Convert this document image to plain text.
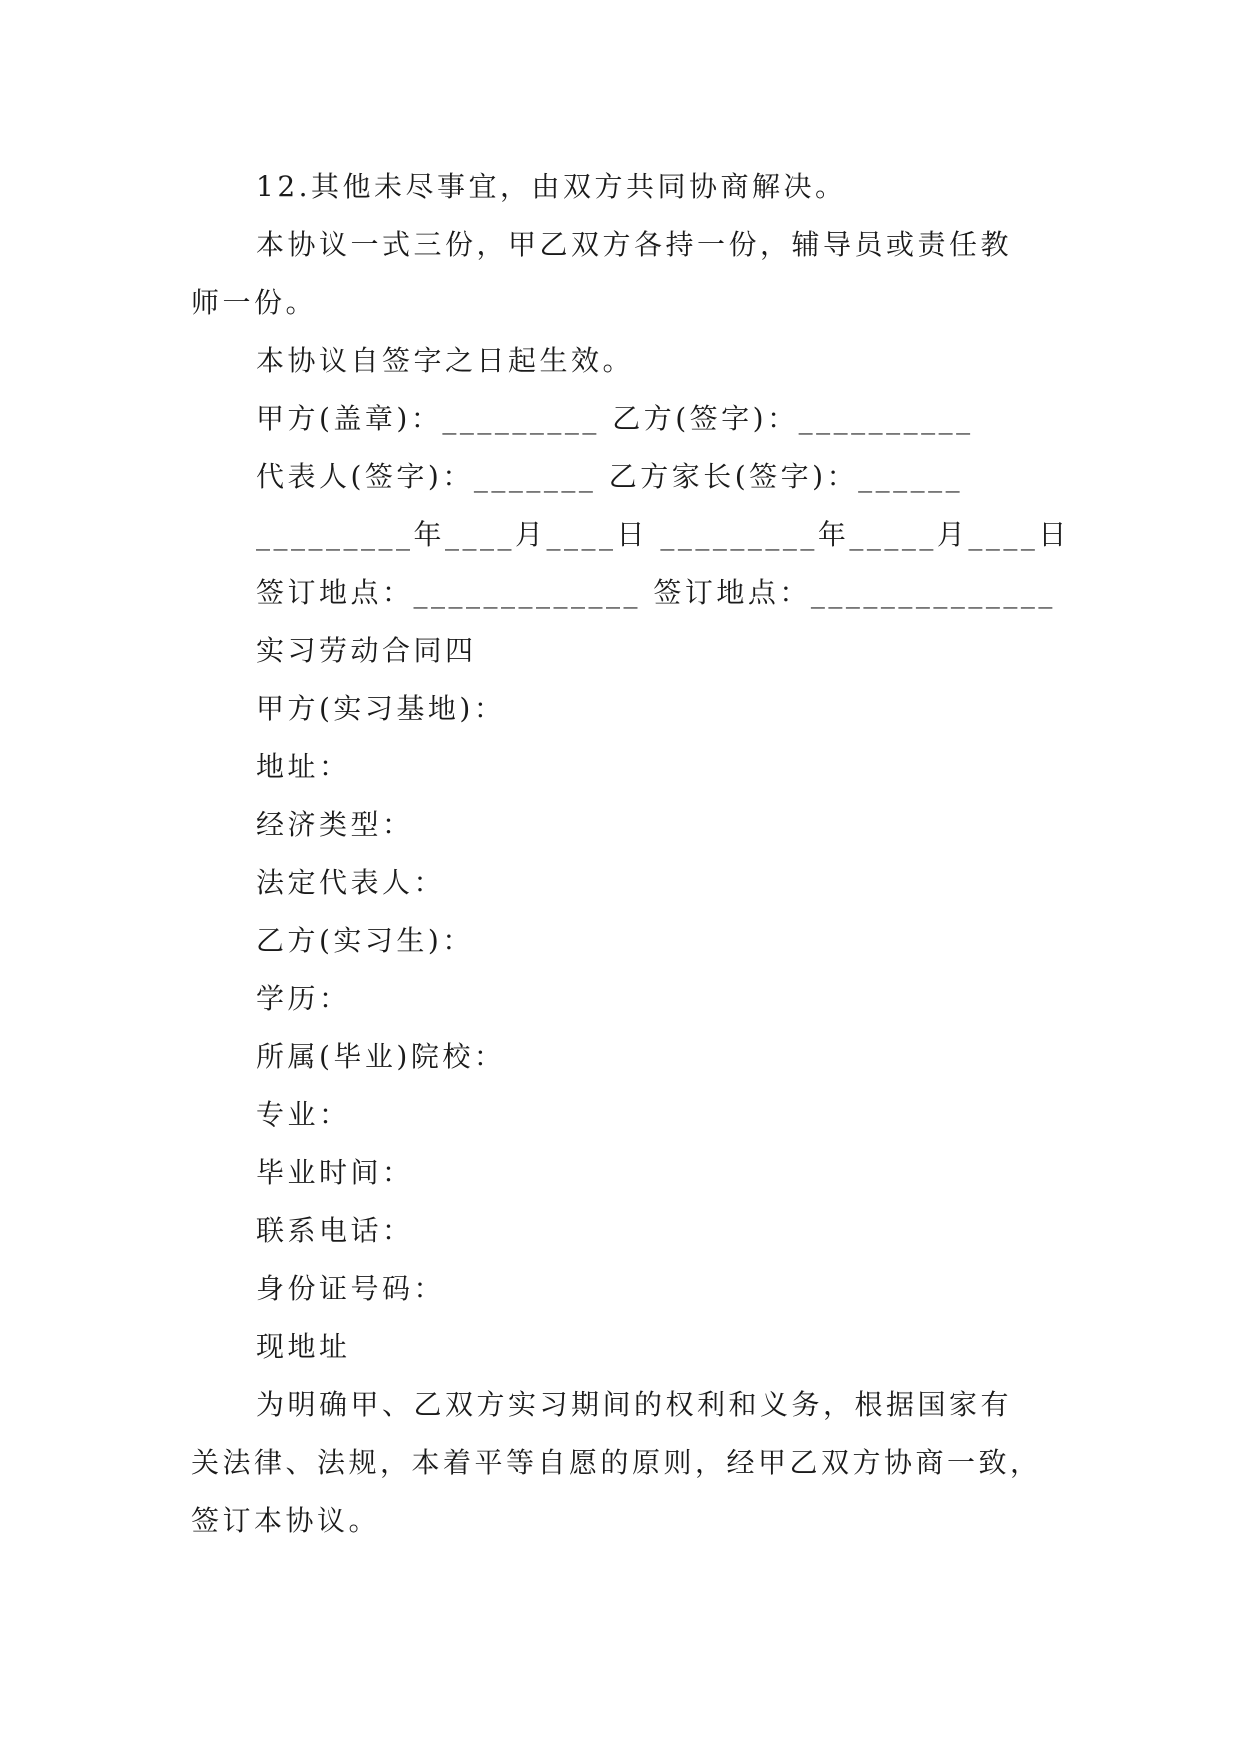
12.其他未尽事宜，由双方共同协商解决。
本协议一式三份，甲乙双方各持一份，辅导员或责任教
师一份。
本协议自签字之日起生效。
甲方(盖章)：_________ 乙方(签字)：__________
代表人(签字)：_______ 乙方家长(签字)：______
_________年____月____日 _________年_____月____日
签订地点：_____________ 签订地点：______________
实习劳动合同四
甲方(实习基地)：
地址：
经济类型：
法定代表人：
乙方(实习生)：
学历：
所属(毕业)院校：
专业：
毕业时间：
联系电话：
身份证号码：
现地址
为明确甲、乙双方实习期间的权利和义务，根据国家有
关法律、法规，本着平等自愿的原则，经甲乙双方协商一致，
签订本协议。
